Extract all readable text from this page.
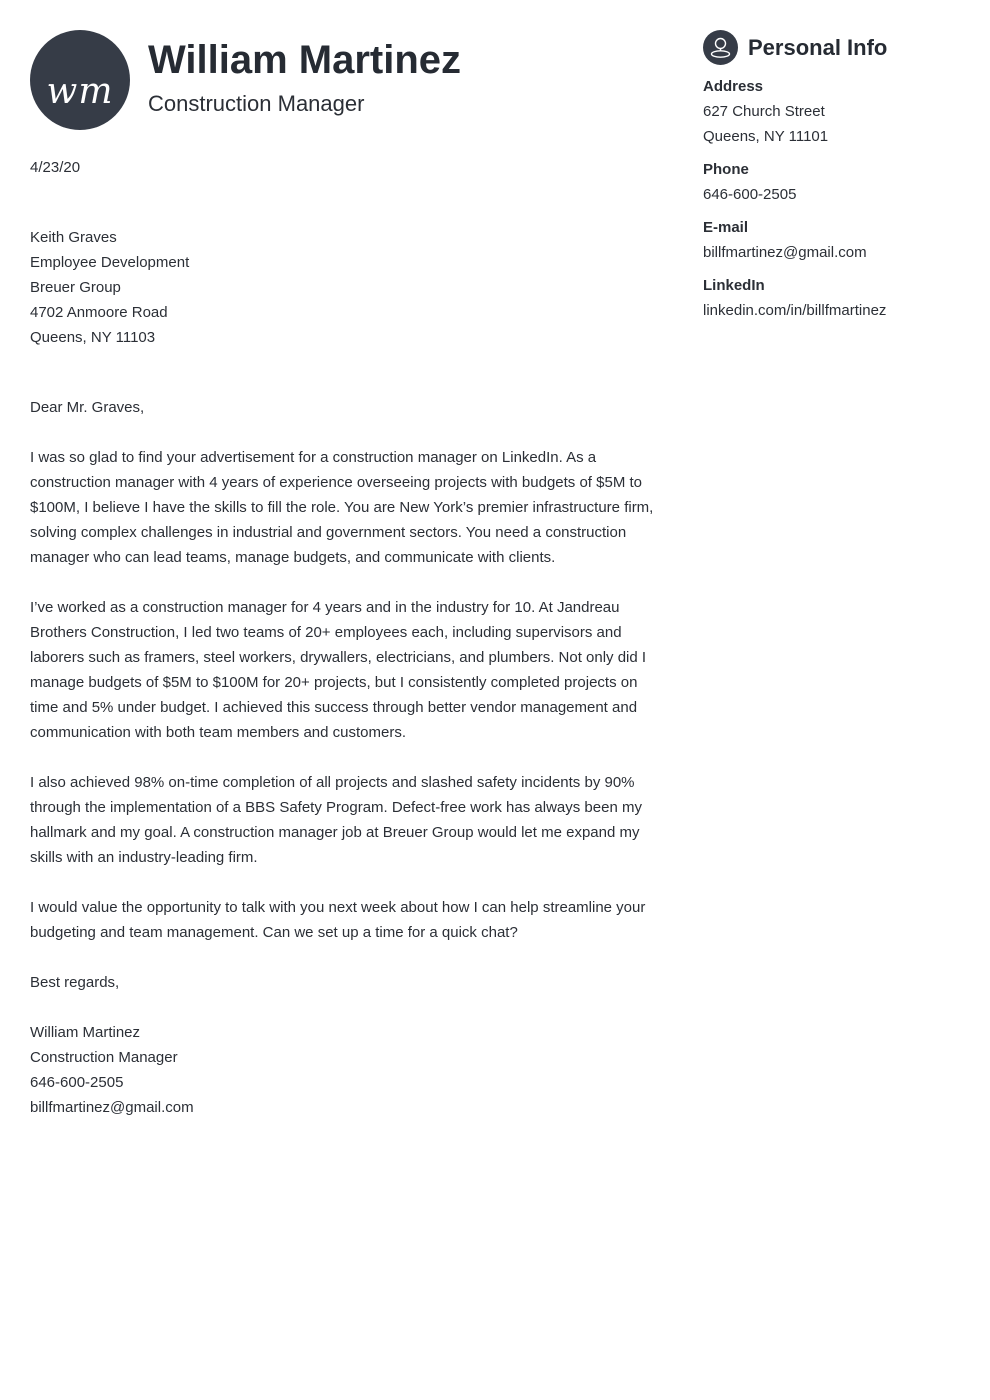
wm
William Martinez
Construction Manager
4/23/20
Keith Graves
Employee Development
Breuer Group
4702 Anmoore Road
Queens, NY 11103
Dear Mr. Graves,

I was so glad to find your advertisement for a construction manager on LinkedIn. As a construction manager with 4 years of experience overseeing projects with budgets of $5M to $100M, I believe I have the skills to fill the role. You are New York’s premier infrastructure firm, solving complex challenges in industrial and government sectors. You need a construction manager who can lead teams, manage budgets, and communicate with clients.

I’ve worked as a construction manager for 4 years and in the industry for 10. At Jandreau Brothers Construction, I led two teams of 20+ employees each, including supervisors and laborers such as framers, steel workers, drywallers, electricians, and plumbers. Not only did I manage budgets of $5M to $100M for 20+ projects, but I consistently completed projects on time and 5% under budget. I achieved this success through better vendor management and communication with both team members and customers.

I also achieved 98% on-time completion of all projects and slashed safety incidents by 90% through the implementation of a BBS Safety Program. Defect-free work has always been my hallmark and my goal. A construction manager job at Breuer Group would let me expand my skills with an industry-leading firm.

I would value the opportunity to talk with you next week about how I can help streamline your budgeting and team management. Can we set up a time for a quick chat?

Best regards,
William Martinez
Construction Manager
646-600-2505
billfmartinez@gmail.com
Personal Info
Address
627 Church Street
Queens, NY 11101
Phone
646-600-2505
E-mail
billfmartinez@gmail.com
LinkedIn
linkedin.com/in/billfmartinez
